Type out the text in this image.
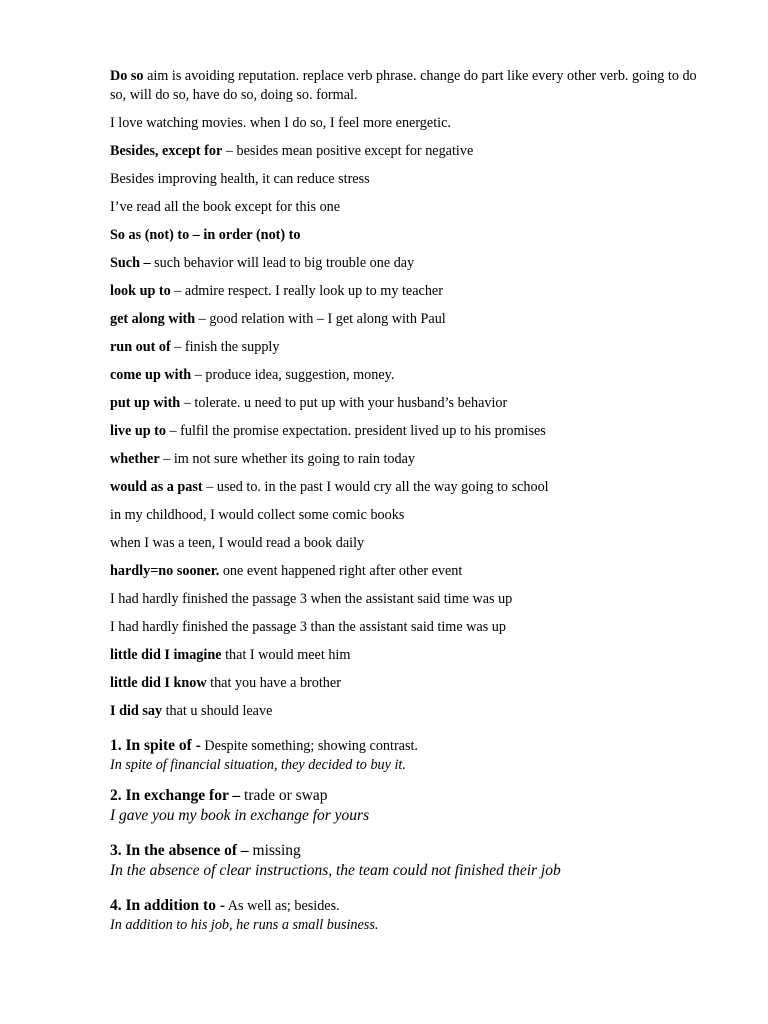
Do so aim is avoiding reputation. replace verb phrase. change do part like every other verb. going to do so, will do so, have do so, doing so. formal.

I love watching movies. when I do so, I feel more energetic.

Besides, except for – besides mean positive except for negative

Besides improving health, it can reduce stress

I’ve read all the book except for this one

So as (not) to – in order (not) to

Such – such behavior will lead to big trouble one day

look up to – admire respect. I really look up to my teacher

get along with – good relation with – I get along with Paul

run out of – finish the supply

come up with – produce idea, suggestion, money.

put up with – tolerate. u need to put up with your husband’s behavior

live up to – fulfil the promise expectation. president lived up to his promises

whether – im not sure whether its going to rain today

would as a past – used to. in the past I would cry all the way going to school

in my childhood, I would collect some comic books

when I was a teen, I would read a book daily

hardly=no sooner. one event happened right after other event

I had hardly finished the passage 3 when the assistant said time was up

I had hardly finished the passage 3 than the assistant said time was up

little did I imagine that I would meet him

little did I know that you have a brother

I did say that u should leave

1. In spite of - Despite something; showing contrast.

In spite of financial situation, they decided to buy it.

2. In exchange for – trade or swap

I gave you my book in exchange for yours

3. In the absence of – missing

In the absence of clear instructions, the team could not finished their job

4. In addition to - As well as; besides.

In addition to his job, he runs a small business.
